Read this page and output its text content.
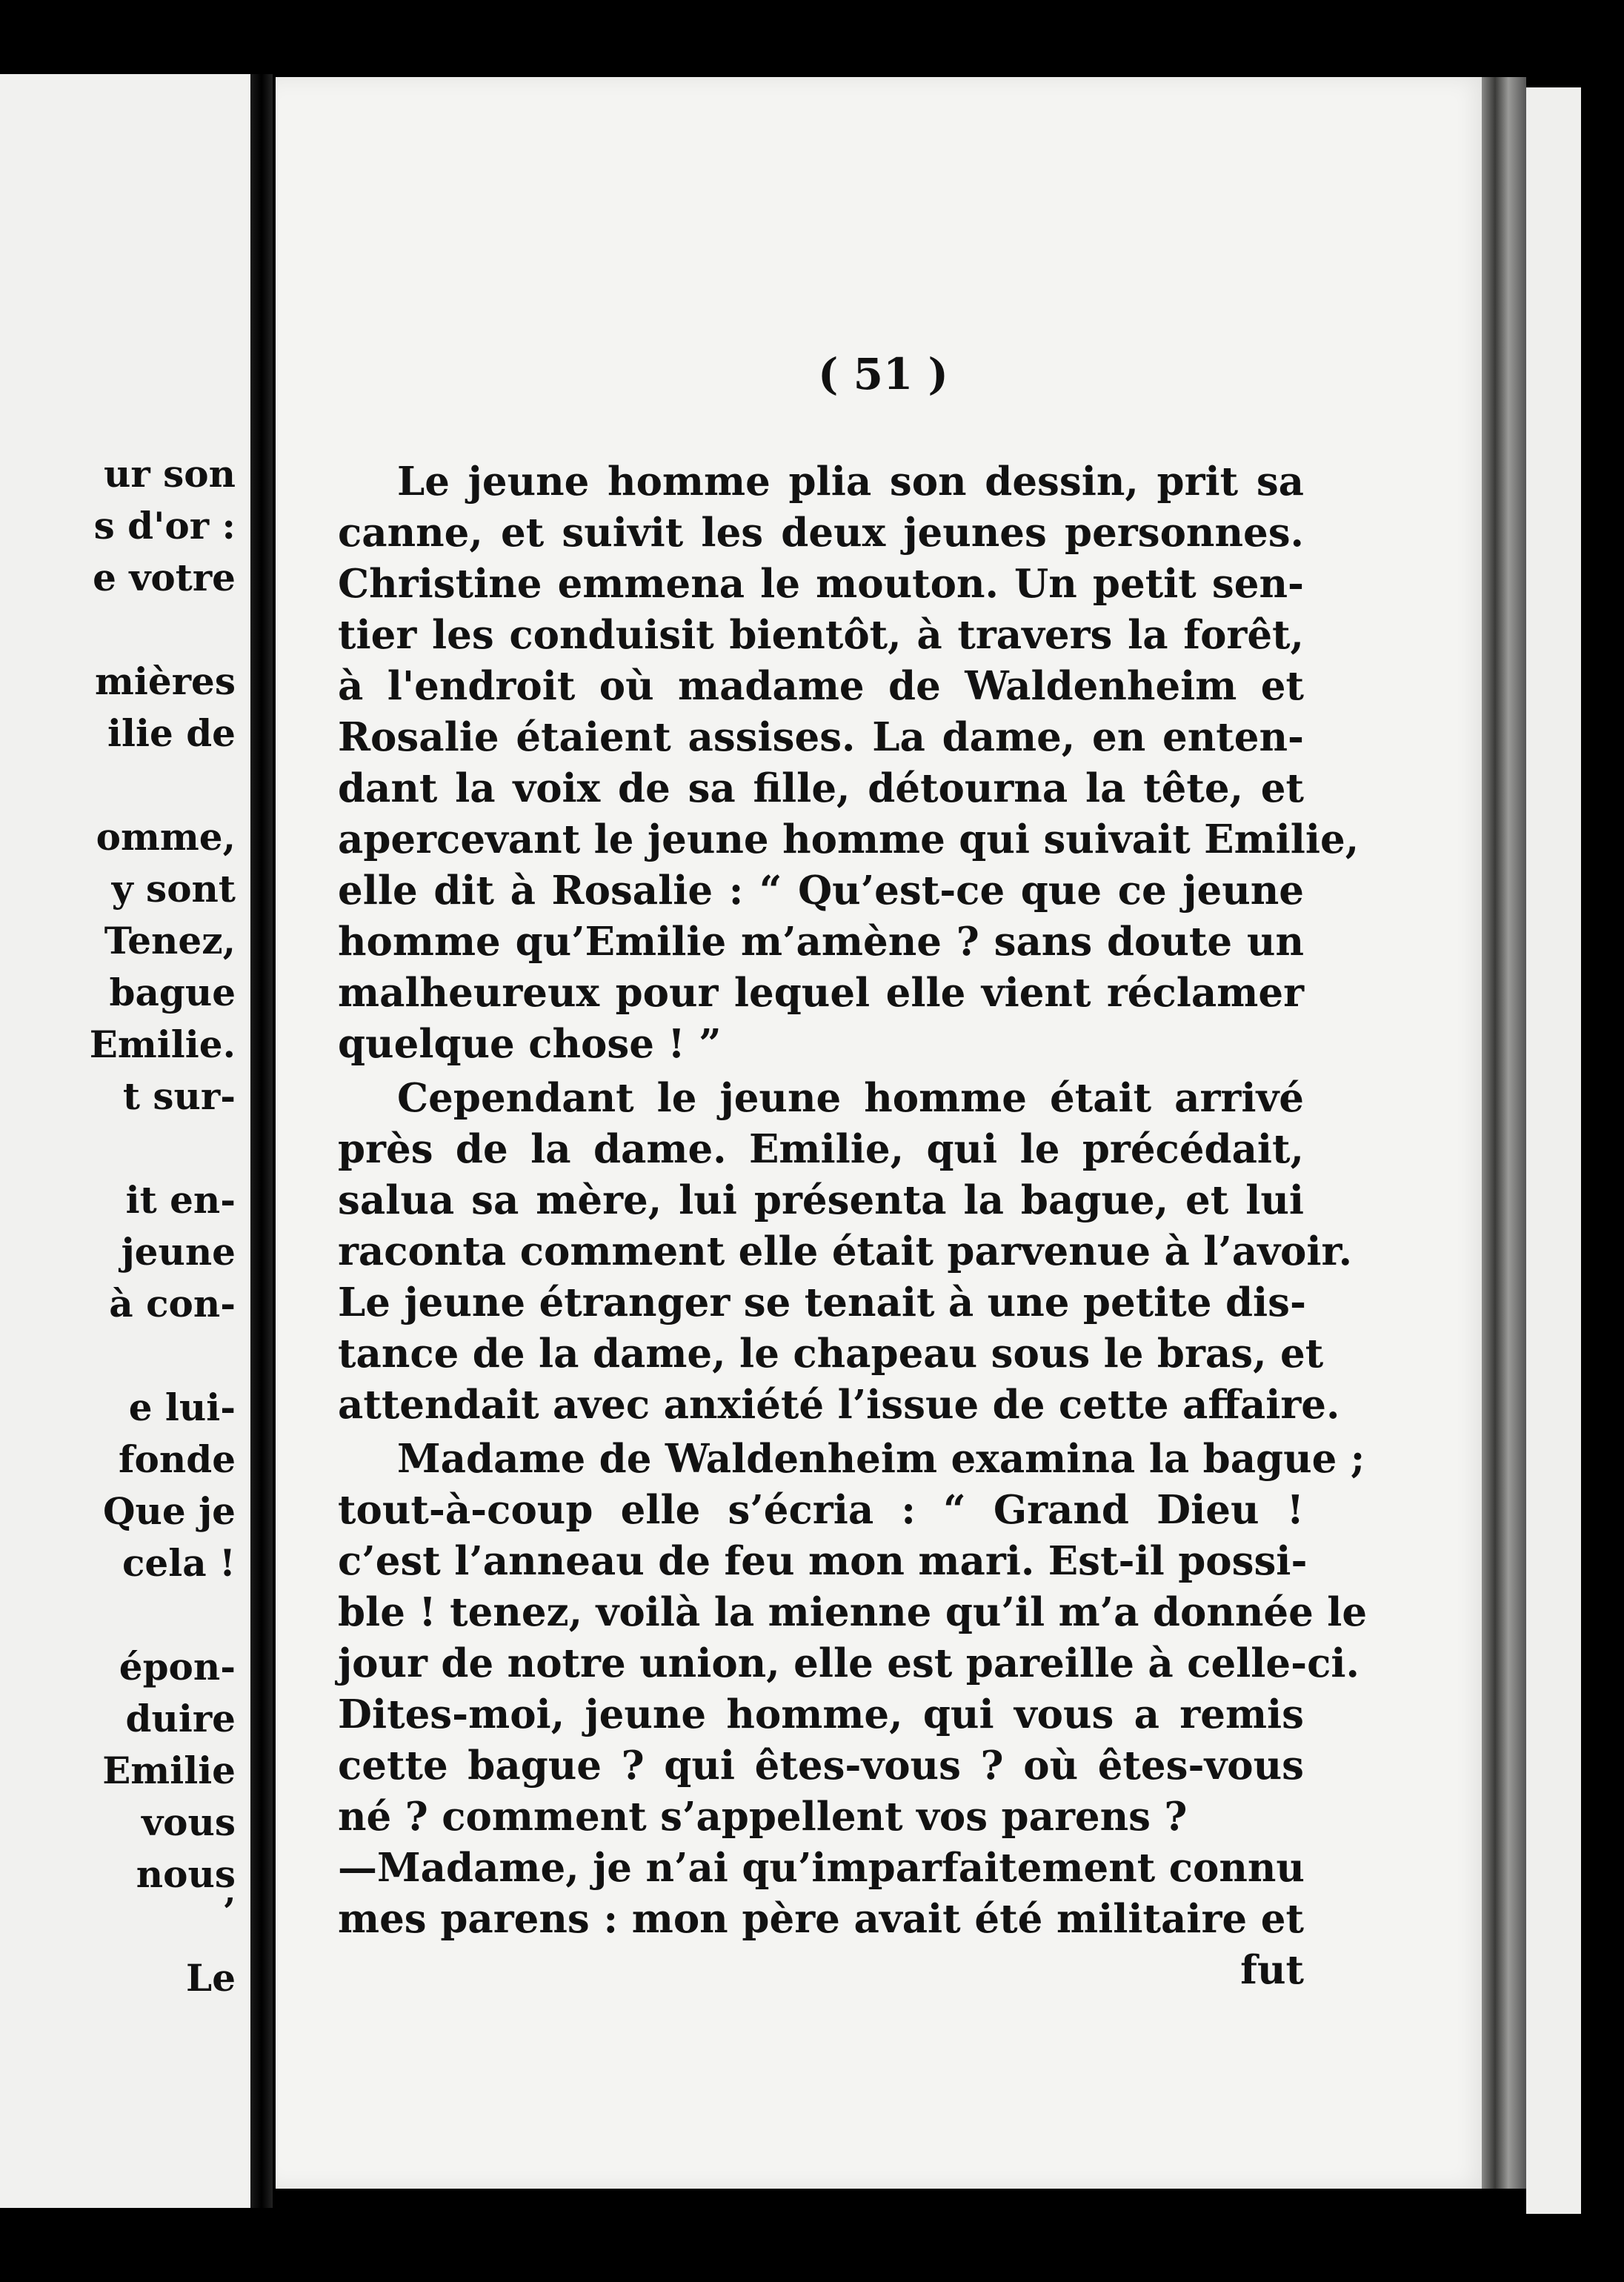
ur son
s d'or :
e votre
mières
ilie de
omme,
y sont
Tenez,
bague
Emilie.
t sur-
it en-
jeune
à con-
e lui-
fonde
Que je
cela !
épon-
duire
Emilie
vous
nous
’
Le
( 51 )
Le jeune homme plia son dessin, prit sa
canne, et suivit les deux jeunes personnes.
Christine emmena le mouton. Un petit sen-
tier les conduisit bientôt, à travers la forêt,
à l'endroit où madame de Waldenheim et
Rosalie étaient assises. La dame, en enten-
dant la voix de sa fille, détourna la tête, et
apercevant le jeune homme qui suivait Emilie,
elle dit à Rosalie : “ Qu’est-ce que ce jeune
homme qu’Emilie m’amène ? sans doute un
malheureux pour lequel elle vient réclamer
quelque chose ! ”
Cependant le jeune homme était arrivé
près de la dame. Emilie, qui le précédait,
salua sa mère, lui présenta la bague, et lui
raconta comment elle était parvenue à l’avoir.
Le jeune étranger se tenait à une petite dis-
tance de la dame, le chapeau sous le bras, et
attendait avec anxiété l’issue de cette affaire.
Madame de Waldenheim examina la bague ;
tout-à-coup elle s’écria : “ Grand Dieu !
c’est l’anneau de feu mon mari. Est-il possi-
ble ! tenez, voilà la mienne qu’il m’a donnée le
jour de notre union, elle est pareille à celle-ci.
Dites-moi, jeune homme, qui vous a remis
cette bague ? qui êtes-vous ? où êtes-vous
né ? comment s’appellent vos parens ?
—Madame, je n’ai qu’imparfaitement connu
mes parens : mon père avait été militaire et
fut
